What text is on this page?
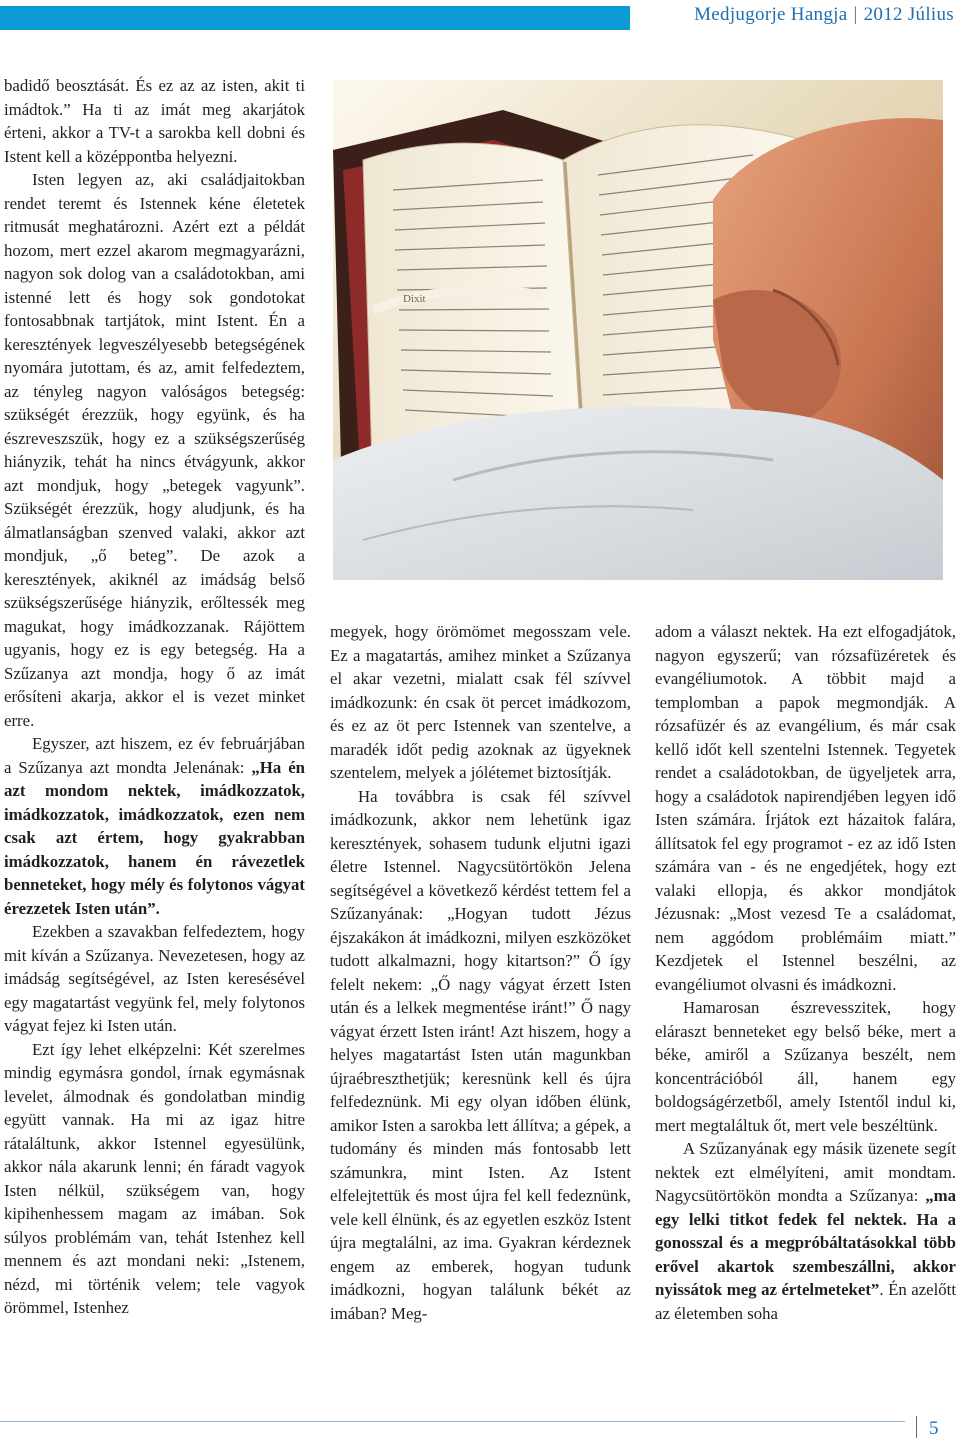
Medjugorje Hangja | 2012 Július

badidő beosztását. És ez az az isten, akit ti imádtok.” Ha ti az imát meg akarjátok érteni, akkor a TV-t a sarokba kell dobni és Istent kell a középpontba helyezni.

Isten legyen az, aki családjaitokban rendet teremt és Istennek kéne életetek ritmusát meghatározni. Azért ezt a példát hozom, mert ezzel akarom megmagyarázni, nagyon sok dolog van a családotokban, ami istenné lett és hogy sok gondotokat fontosabbnak tartjátok, mint Istent. Én a keresztények legveszélyesebb betegségének nyomára jutottam, és az, amit felfedeztem, az tényleg nagyon valóságos betegség: szükségét érezzük, hogy együnk, és ha észreveszszük, hogy ez a szükségszerűség hiányzik, tehát ha nincs étvágyunk, akkor azt mondjuk, hogy „betegek vagyunk”. Szükségét érezzük, hogy aludjunk, és ha álmatlanságban szenved valaki, akkor azt mondjuk, „ő beteg”. De azok a keresztények, akiknél az imádság belső szükségszerűsége hiányzik, erőltessék meg magukat, hogy imádkozzanak. Rájöttem ugyanis, hogy ez is egy betegség. Ha a Szűzanya azt mondja, hogy ő az imát erősíteni akarja, akkor el is vezet minket erre.

Egyszer, azt hiszem, ez év februárjában a Szűzanya azt mondta Jelenának: „Ha én azt mondom nektek, imádkozzatok, imádkozzatok, imádkozzatok, ezen nem csak azt értem, hogy gyakrabban imádkozzatok, hanem én rávezetlek benneteket, hogy mély és folytonos vágyat érezzetek Isten után”.

Ezekben a szavakban felfedeztem, hogy mit kíván a Szűzanya. Nevezetesen, hogy az imádság segítségével, az Isten keresésével egy magatartást vegyünk fel, mely folytonos vágyat fejez ki Isten után.

Ezt így lehet elképzelni: Két szerelmes mindig egymásra gondol, írnak egymásnak levelet, álmodnak és gondolatban mindig együtt vannak. Ha mi az igaz hitre rátaláltunk, akkor Istennel egyesülünk, akkor nála akarunk lenni; én fáradt vagyok Isten nélkül, szükségem van, hogy kipihenhessem magam az imában. Sok súlyos problémám van, tehát Istenhez kell mennem és azt mondani neki: „Istenem, nézd, mi történik velem; tele vagyok örömmel, Istenhez

Dixit

megyek, hogy örömömet megosszam vele. Ez a magatartás, amihez minket a Szűzanya el akar vezetni, mialatt csak fél szívvel imádkozunk: én csak öt percet imádkozom, és ez az öt perc Istennek van szentelve, a maradék időt pedig azoknak az ügyeknek szentelem, melyek a jólétemet biztosítják.

Ha továbbra is csak fél szívvel imádkozunk, akkor nem lehetünk igaz keresztények, sohasem tudunk eljutni igazi életre Istennel. Nagycsütörtökön Jelena segítségével a következő kérdést tettem fel a Szűzanyának: „Hogyan tudott Jézus éjszakákon át imádkozni, milyen eszközöket tudott alkalmazni, hogy kitartson?” Ő így felelt nekem: „Ő nagy vágyat érzett Isten után és a lelkek megmentése iránt!” Ő nagy vágyat érzett Isten iránt! Azt hiszem, hogy a helyes magatartást Isten után magunkban újraébreszthetjük; keresnünk kell és újra felfedeznünk. Mi egy olyan időben élünk, amikor Isten a sarokba lett állítva; a gépek, a tudomány és minden más fontosabb lett számunkra, mint Isten. Az Istent elfelejtettük és most újra fel kell fedeznünk, vele kell élnünk, és az egyetlen eszköz Istent újra megtalálni, az ima. Gyakran kérdeznek engem az emberek, hogyan tudunk imádkozni, hogyan találunk békét az imában? Meg-

adom a választ nektek. Ha ezt elfogadjátok, nagyon egyszerű; van rózsafüzéretek és evangéliumotok. A többit majd a templomban a papok megmondják. A rózsafüzér és az evangélium, és már csak kellő időt kell szentelni Istennek. Tegyetek rendet a családotokban, de ügyeljetek arra, hogy a családotok napirendjében legyen idő Isten számára. Írjátok ezt házaitok falára, állítsatok fel egy programot - ez az idő Isten számára van - és ne engedjétek, hogy ezt valaki ellopja, és akkor mondjátok Jézusnak: „Most vezesd Te a családomat, nem aggódom problémáim miatt.” Kezdjetek el Istennel beszélni, az evangéliumot olvasni és imádkozni.

Hamarosan észrevesszitek, hogy eláraszt benneteket egy belső béke, mert a béke, amiről a Szűzanya beszélt, nem koncentrációból áll, hanem egy boldogságérzetből, amely Istentől indul ki, mert megtaláltuk őt, mert vele beszéltünk.

A Szűzanyának egy másik üzenete segít nektek ezt elmélyíteni, amit mondtam. Nagycsütörtökön mondta a Szűzanya: „ma egy lelki titkot fedek fel nektek. Ha a gonosszal és a megpróbáltatásokkal több erővel akartok szembeszállni, akkor nyissátok meg az értelmeteket”. Én azelőtt az életemben soha

5
